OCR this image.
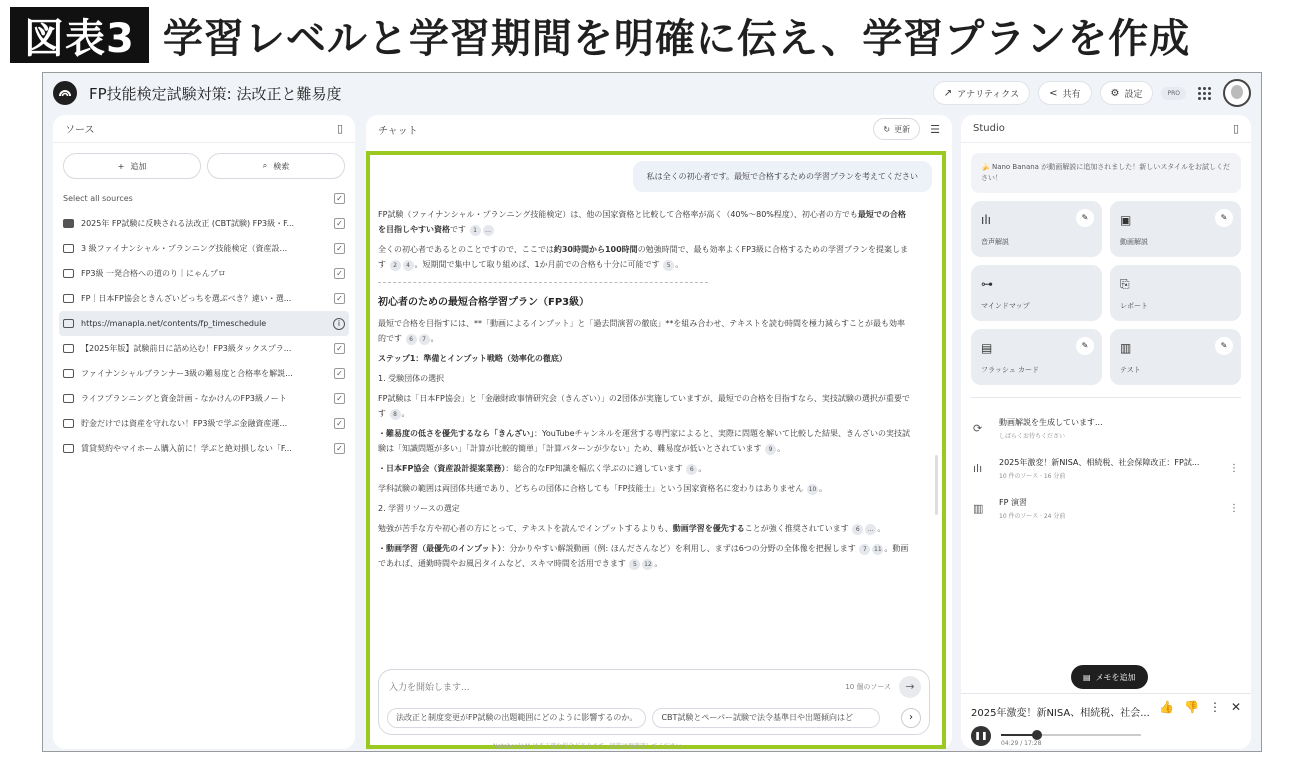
図表3 学習レベルと学習期間を明確に伝え、学習プランを作成
FP技能検定試験対策: 法改正と難易度	↗ アナリティクス	< 共有	⚙ 設定	PRO
ソース	▯
+ 追加	⌕ 検索
Select all sources	✓
2025年 FP試験に反映される法改正 (CBT試験) FP3級・F...	✓
3 級ファイナンシャル・プランニング技能検定（資産設...	✓
FP3級 一発合格への道のり｜にゃんプロ	✓
FP｜日本FP協会ときんざいどっちを選ぶべき？違い・選...	✓
https://manapla.net/contents/fp_timeschedule	i
【2025年版】試験前日に詰め込む！FP3級タックスプラ...	✓
ファイナンシャルプランナー3級の難易度と合格率を解説...	✓
ライフプランニングと資金計画 - なかけんのFP3級ノート	✓
貯金だけでは資産を守れない！FP3級で学ぶ金融資産運...	✓
賃貸契約やマイホーム購入前に！学ぶと絶対損しない「F...	✓
チャット	↻ 更新 ☰
私は全くの初心者です。最短で合格するための学習プランを考えてください

FP試験（ファイナンシャル・プランニング技能検定）は、他の国家資格と比較して合格率が高く（40%〜80%程度）、初心者の方でも最短での合格を目指しやすい資格です 1 …

全くの初心者であるとのことですので、ここでは約30時間から100時間の勉強時間で、最も効率よくFP3級に合格するための学習プランを提案します 2 4 。短期間で集中して取り組めば、1か月前での合格も十分に可能です 5 。

初心者のための最短合格学習プラン（FP3級）

最短で合格を目指すには、**「動画によるインプット」と「過去問演習の徹底」**を組み合わせ、テキストを読む時間を極力減らすことが最も効率的です 6 7 。

ステップ1：準備とインプット戦略（効率化の徹底）

1. 受験団体の選択

FP試験は「日本FP協会」と「金融財政事情研究会（きんざい）」の2団体が実施していますが、最短での合格を目指すなら、実技試験の選択が重要です 8 。

・難易度の低さを優先するなら「きんざい」：YouTubeチャンネルを運営する専門家によると、実際に問題を解いて比較した結果、きんざいの実技試験は「知識問題が多い」「計算が比較的簡単」「計算パターンが少ない」ため、難易度が低いとされています 9 。

・日本FP協会（資産設計提案業務）：総合的なFP知識を幅広く学ぶのに適しています 6 。

学科試験の範囲は両団体共通であり、どちらの団体に合格しても「FP技能士」という国家資格名に変わりはありません 10 。

2. 学習リソースの選定

勉強が苦手な方や初心者の方にとって、テキストを読んでインプットするよりも、動画学習を優先することが強く推奨されています 6 … 。

・動画学習（最優先のインプット）：分かりやすい解説動画（例: ほんださんなど）を利用し、まずは6つの分野の全体像を把握します 7 11 。動画であれば、通勤時間やお風呂タイムなど、スキマ時間を活用できます 5 12 。

入力を開始します...	10 個のソース	→
法改正と制度変更がFP試験の出題範囲にどのように影響するのか。	CBT試験とペーパー試験で法令基準日や出題傾向はど	›
Studio	▯
🍌 Nano Banana が動画解説に追加されました！新しいスタイルをお試しください！
ılı	✎
音声解説
▣	✎
動画解説
⊶
マインドマップ
⎘
レポート
▤	✎
フラッシュ カード
▥	✎
テスト
⟳	動画解説を生成しています...
しばらくお待ちください
ılı	2025年激変！新NISA、相続税、社会保障改正：FP試...
10 件のソース · 16 分前
⋮
▥	FP 演習
10 件のソース · 24 分前
⋮
▤ メモを追加
2025年激変！新NISA、相続税、社会... 👍 👎 ⋮ ✕
❚❚
04:29 / 17:28
NotebookLM は不正確な場合があります。回答は再確認してください。
